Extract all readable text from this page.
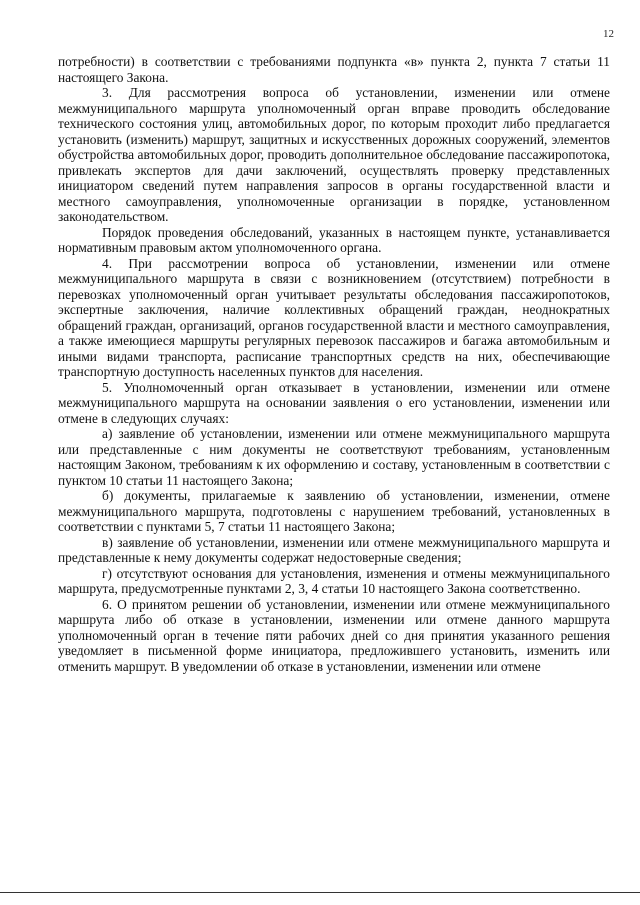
12

потребности) в соответствии с требованиями подпункта «в» пункта 2, пункта 7 статьи 11 настоящего Закона.

3. Для рассмотрения вопроса об установлении, изменении или отмене межмуниципального маршрута уполномоченный орган вправе проводить обследование технического состояния улиц, автомобильных дорог, по которым проходит либо предлагается установить (изменить) маршрут, защитных и искусственных дорожных сооружений, элементов обустройства автомобильных дорог, проводить дополнительное обследование пассажиропотока, привлекать экспертов для дачи заключений, осуществлять проверку представленных инициатором сведений путем направления запросов в органы государственной власти и местного самоуправления, уполномоченные организации в порядке, установленном законодательством.

Порядок проведения обследований, указанных в настоящем пункте, устанавливается нормативным правовым актом уполномоченного органа.

4. При рассмотрении вопроса об установлении, изменении или отмене межмуниципального маршрута в связи с возникновением (отсутствием) потребности в перевозках уполномоченный орган учитывает результаты обследования пассажиропотоков, экспертные заключения, наличие коллективных обращений граждан, неоднократных обращений граждан, организаций, органов государственной власти и местного самоуправления, а также имеющиеся маршруты регулярных перевозок пассажиров и багажа автомобильным и иными видами транспорта, расписание транспортных средств на них, обеспечивающие транспортную доступность населенных пунктов для населения.

5. Уполномоченный орган отказывает в установлении, изменении или отмене межмуниципального маршрута на основании заявления о его установлении, изменении или отмене в следующих случаях:

а) заявление об установлении, изменении или отмене межмуниципального маршрута или представленные с ним документы не соответствуют требованиям, установленным настоящим Законом, требованиям к их оформлению и составу, установленным в соответствии с пунктом 10 статьи 11 настоящего Закона;

б) документы, прилагаемые к заявлению об установлении, изменении, отмене межмуниципального маршрута, подготовлены с нарушением требований, установленных в соответствии с пунктами 5, 7 статьи 11 настоящего Закона;

в) заявление об установлении, изменении или отмене межмуниципального маршрута и представленные к нему документы содержат недостоверные сведения;

г) отсутствуют основания для установления, изменения и отмены межмуниципального маршрута, предусмотренные пунктами 2, 3, 4 статьи 10 настоящего Закона соответственно.

6. О принятом решении об установлении, изменении или отмене межмуниципального маршрута либо об отказе в установлении, изменении или отмене данного маршрута уполномоченный орган в течение пяти рабочих дней со дня принятия указанного решения уведомляет в письменной форме инициатора, предложившего установить, изменить или отменить маршрут. В уведомлении об отказе в установлении, изменении или отмене
